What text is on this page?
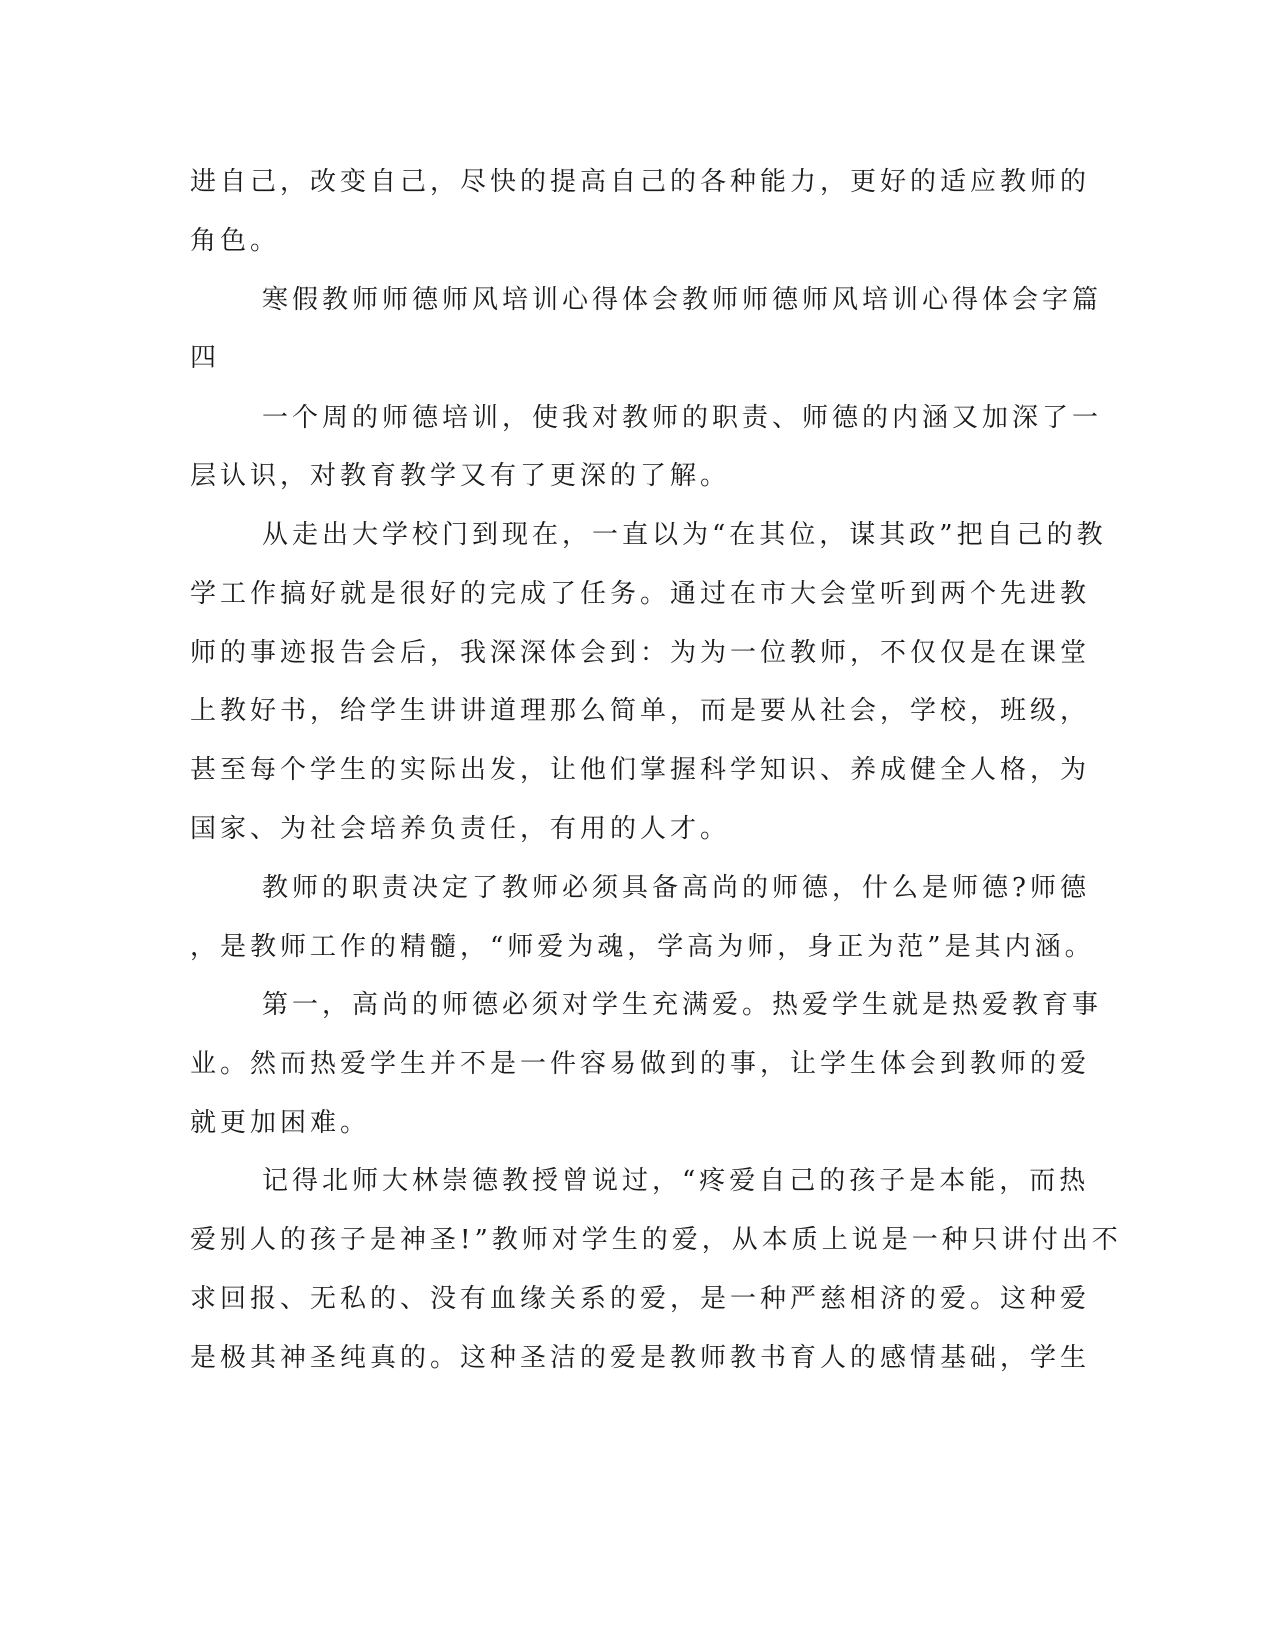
进自己，改变自己，尽快的提高自己的各种能力，更好的适应教师的
角色。
寒假教师师德师风培训心得体会教师师德师风培训心得体会字篇
四
一个周的师德培训，使我对教师的职责、师德的内涵又加深了一
层认识，对教育教学又有了更深的了解。
从走出大学校门到现在，一直以为“在其位，谋其政”把自己的教
学工作搞好就是很好的完成了任务。通过在市大会堂听到两个先进教
师的事迹报告会后，我深深体会到：为为一位教师，不仅仅是在课堂
上教好书，给学生讲讲道理那么简单，而是要从社会，学校，班级，
甚至每个学生的实际出发，让他们掌握科学知识、养成健全人格，为
国家、为社会培养负责任，有用的人才。
教师的职责决定了教师必须具备高尚的师德，什么是师德?师德
，是教师工作的精髓，“师爱为魂，学高为师，身正为范”是其内涵。
第一，高尚的师德必须对学生充满爱。热爱学生就是热爱教育事
业。然而热爱学生并不是一件容易做到的事，让学生体会到教师的爱
就更加困难。
记得北师大林崇德教授曾说过，“疼爱自己的孩子是本能，而热
爱别人的孩子是神圣!”教师对学生的爱，从本质上说是一种只讲付出不
求回报、无私的、没有血缘关系的爱，是一种严慈相济的爱。这种爱
是极其神圣纯真的。这种圣洁的爱是教师教书育人的感情基础，学生
